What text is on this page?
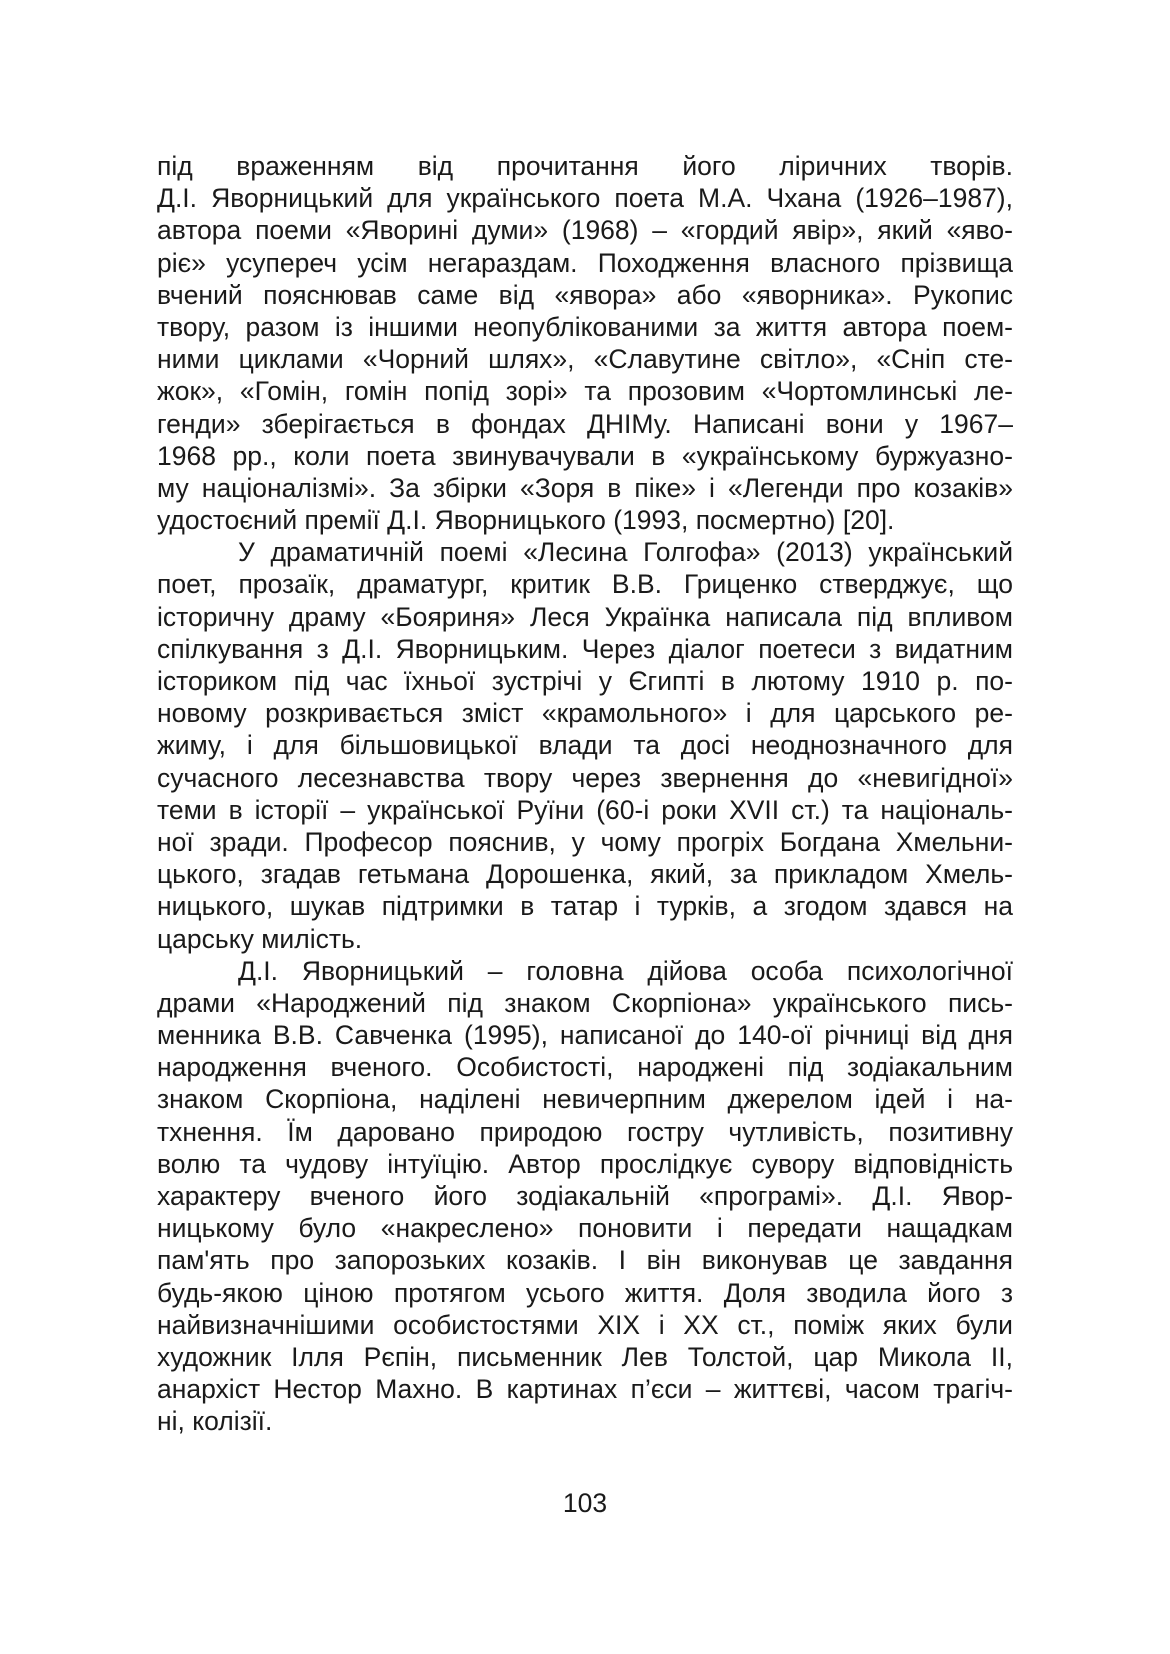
під враженням від прочитання його ліричних творів.
Д.І. Яворницький для українського поета М.А. Чхана (1926–1987),
автора поеми «Яворині думи» (1968) – «гордий явір», який «яво-
ріє» усупереч усім негараздам. Походження власного прізвища
вчений пояснював саме від «явора» або «яворника». Рукопис
твору, разом із іншими неопублікованими за життя автора поем-
ними циклами «Чорний шлях», «Славутине світло», «Сніп сте-
жок», «Гомін, гомін попід зорі» та прозовим «Чортомлинські ле-
генди» зберігається в фондах ДНІМу. Написані вони у 1967–
1968 рр., коли поета звинувачували в «українському буржуазно-
му націоналізмі». За збірки «Зоря в піке» і «Легенди про козаків»
удостоєний премії Д.І. Яворницького (1993, посмертно) [20].
У драматичній поемі «Лесина Голгофа» (2013) український
поет, прозаїк, драматург, критик В.В. Гриценко стверджує, що
історичну драму «Бояриня» Леся Українка написала під впливом
спілкування з Д.І. Яворницьким. Через діалог поетеси з видатним
істориком під час їхньої зустрічі у Єгипті в лютому 1910 р. по-
новому розкривається зміст «крамольного» і для царського ре-
жиму, і для більшовицької влади та досі неоднозначного для
сучасного лесезнавства твору через звернення до «невигідної»
теми в історії – української Руїни (60-і роки XVII ст.) та національ-
ної зради. Професор пояснив, у чому прогріх Богдана Хмельни-
цького, згадав гетьмана Дорошенка, який, за прикладом Хмель-
ницького, шукав підтримки в татар і турків, а згодом здався на
царську милість.
Д.І. Яворницький – головна дійова особа психологічної
драми «Народжений під знаком Скорпіона» українського пись-
менника В.В. Савченка (1995), написаної до 140-ої річниці від дня
народження вченого. Особистості, народжені під зодіакальним
знаком Скорпіона, наділені невичерпним джерелом ідей і на-
тхнення. Їм даровано природою гостру чутливість, позитивну
волю та чудову інтуїцію. Автор прослідкує сувору відповідність
характеру вченого його зодіакальній «програмі». Д.І. Явор-
ницькому було «накреслено» поновити і передати нащадкам
пам'ять про запорозьких козаків. І він виконував це завдання
будь-якою ціною протягом усього життя. Доля зводила його з
найвизначнішими особистостями XIX і XX ст., поміж яких були
художник Ілля Рєпін, письменник Лев Толстой, цар Микола II,
анархіст Нестор Махно. В картинах п’єси – життєві, часом трагіч-
ні, колізії.
103
